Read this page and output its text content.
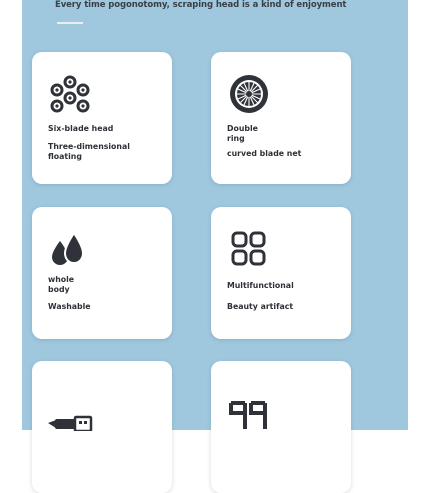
Every time pogonotomy, scraping head is a kind of enjoyment

Six-blade head

Three-dimensional floating

Double ring

curved blade net

whole body

Washable

Multifunctional

Beauty artifact
